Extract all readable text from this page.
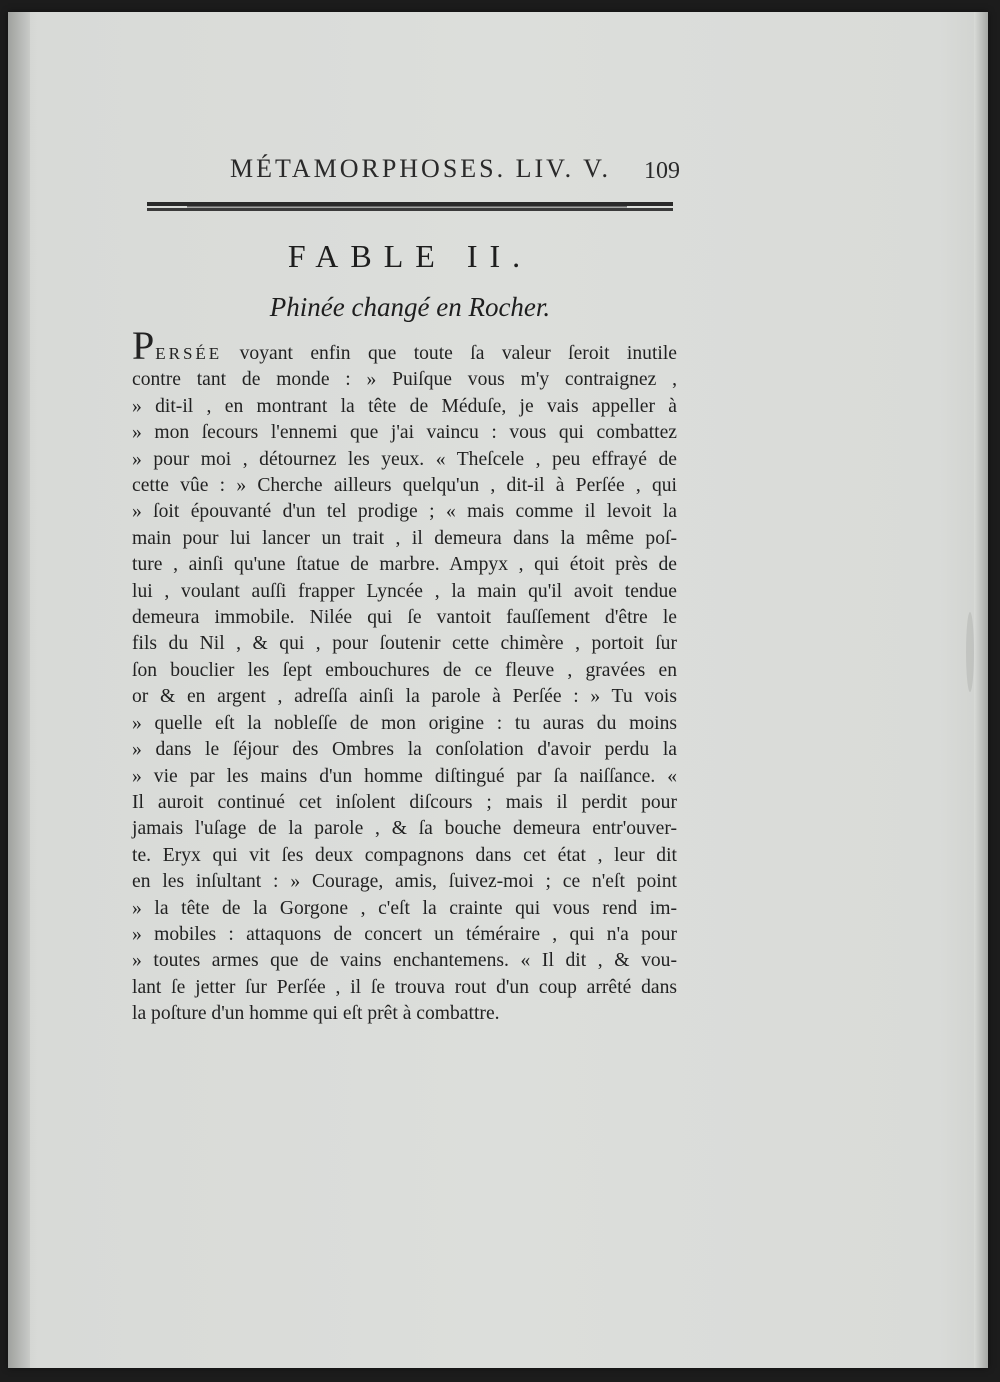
MÉTAMORPHOSES. LIV. V. 109
FABLE II.
Phinée changé en Rocher.
PERSÉE voyant enfin que toute ſa valeur ſeroit inutile
contre tant de monde : » Puiſque vous m'y contraignez ,
» dit-il , en montrant la tête de Méduſe, je vais appeller à
» mon ſecours l'ennemi que j'ai vaincu : vous qui combattez
» pour moi , détournez les yeux. « Theſcele , peu effrayé de
cette vûe : » Cherche ailleurs quelqu'un , dit-il à Perſée , qui
» ſoit épouvanté d'un tel prodige ; « mais comme il levoit la
main pour lui lancer un trait , il demeura dans la même poſ-
ture , ainſi qu'une ſtatue de marbre. Ampyx , qui étoit près de
lui , voulant auſſi frapper Lyncée , la main qu'il avoit tendue
demeura immobile. Nilée qui ſe vantoit fauſſement d'être le
fils du Nil , & qui , pour ſoutenir cette chimère , portoit ſur
ſon bouclier les ſept embouchures de ce fleuve , gravées en
or & en argent , adreſſa ainſi la parole à Perſée : » Tu vois
» quelle eſt la nobleſſe de mon origine : tu auras du moins
» dans le ſéjour des Ombres la conſolation d'avoir perdu la
» vie par les mains d'un homme diſtingué par ſa naiſſance. «
Il auroit continué cet inſolent diſcours ; mais il perdit pour
jamais l'uſage de la parole , & ſa bouche demeura entr'ouver-
te. Eryx qui vit ſes deux compagnons dans cet état , leur dit
en les inſultant : » Courage, amis, ſuivez-moi ; ce n'eſt point
» la tête de la Gorgone , c'eſt la crainte qui vous rend im-
» mobiles : attaquons de concert un téméraire , qui n'a pour
» toutes armes que de vains enchantemens. « Il dit , & vou-
lant ſe jetter ſur Perſée , il ſe trouva rout d'un coup arrêté dans
la poſture d'un homme qui eſt prêt à combattre.
